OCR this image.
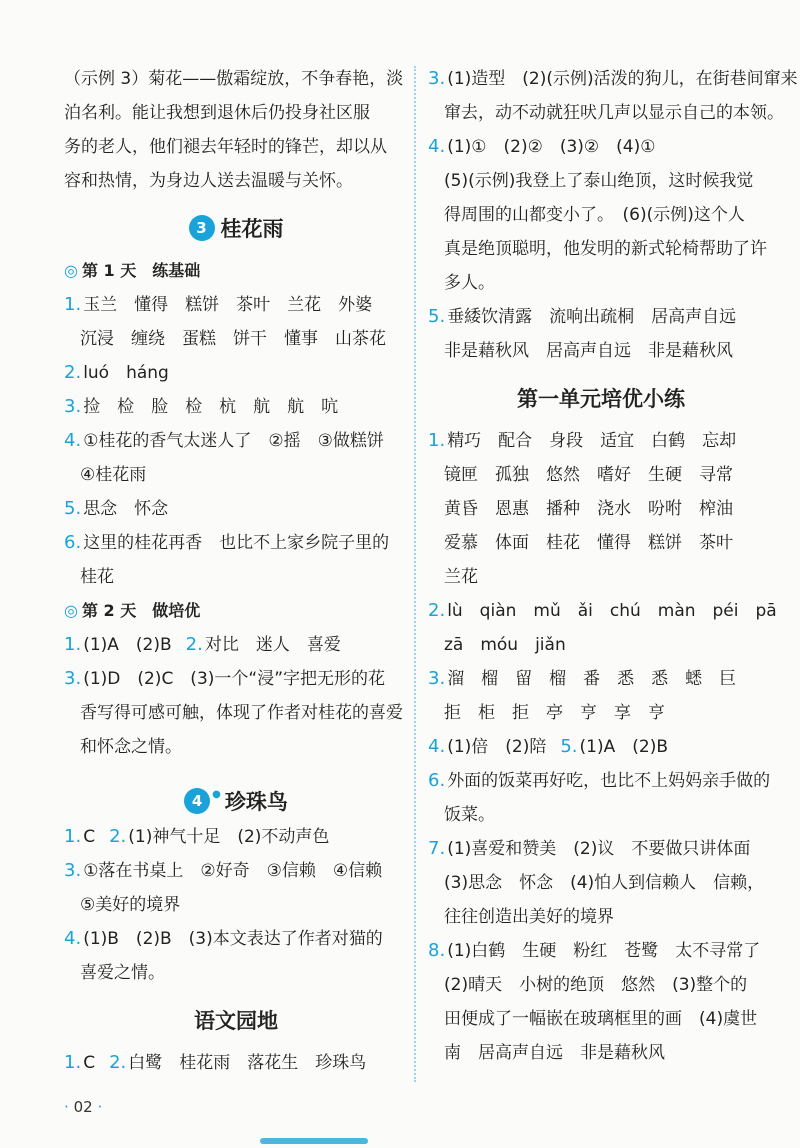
（示例 3）菊花——傲霜绽放，不争春艳，淡

泊名利。能让我想到退休后仍投身社区服

务的老人，他们褪去年轻时的锋芒，却以从

容和热情，为身边人送去温暖与关怀。

3 桂花雨

◎ 第 1 天　练基础

1. 玉兰　懂得　糕饼　茶叶　兰花　外婆

沉浸　缠绕　蛋糕　饼干　懂事　山茶花

2. luó　háng

3. 捡　检　脸　检　杭　航　航　吭

4. ①桂花的香气太迷人了　②摇　③做糕饼

④桂花雨

5. 思念　怀念

6. 这里的桂花再香　也比不上家乡院子里的

桂花

◎ 第 2 天　做培优

1. (1)A　(2)B 2. 对比　迷人　喜爱

3. (1)D　(2)C　(3)一个“浸”字把无形的花

香写得可感可触，体现了作者对桂花的喜爱

和怀念之情。

4 ● 珍珠鸟

1. C 2. (1)神气十足　(2)不动声色

3. ①落在书桌上　②好奇　③信赖　④信赖

⑤美好的境界

4. (1)B　(2)B　(3)本文表达了作者对猫的

喜爱之情。

语文园地

1. C 2. 白鹭　桂花雨　落花生　珍珠鸟

3. (1)造型　(2)(示例)活泼的狗儿，在街巷间窜来

窜去，动不动就狂吠几声以显示自己的本领。

4. (1)①　(2)②　(3)②　(4)①

(5)(示例)我登上了泰山绝顶，这时候我觉

得周围的山都变小了。　(6)(示例)这个人

真是绝顶聪明，他发明的新式轮椅帮助了许

多人。

5. 垂緌饮清露　流响出疏桐　居高声自远

非是藉秋风　居高声自远　非是藉秋风

第一单元培优小练

1. 精巧　配合　身段　适宜　白鹤　忘却

镜匣　孤独　悠然　嗜好　生硬　寻常

黄昏　恩惠　播种　浇水　吩咐　榨油

爱慕　体面　桂花　懂得　糕饼　茶叶

兰花

2. lù　qiàn　mǔ　ǎi　chú　màn　péi　pā

zā　móu　jiǎn

3. 溜　榴　留　榴　番　悉　悉　蟋　巨

拒　柜　拒　亭　亨　享　亨

4. (1)倍　(2)陪 5. (1)A　(2)B

6. 外面的饭菜再好吃，也比不上妈妈亲手做的

饭菜。

7. (1)喜爱和赞美　(2)议　不要做只讲体面

(3)思念　怀念　(4)怕人到信赖人　信赖，

往往创造出美好的境界

8. (1)白鹤　生硬　粉红　苍鹭　太不寻常了

(2)晴天　小树的绝顶　悠然　(3)整个的

田便成了一幅嵌在玻璃框里的画　(4)虞世

南　居高声自远　非是藉秋风

· 02 ·
